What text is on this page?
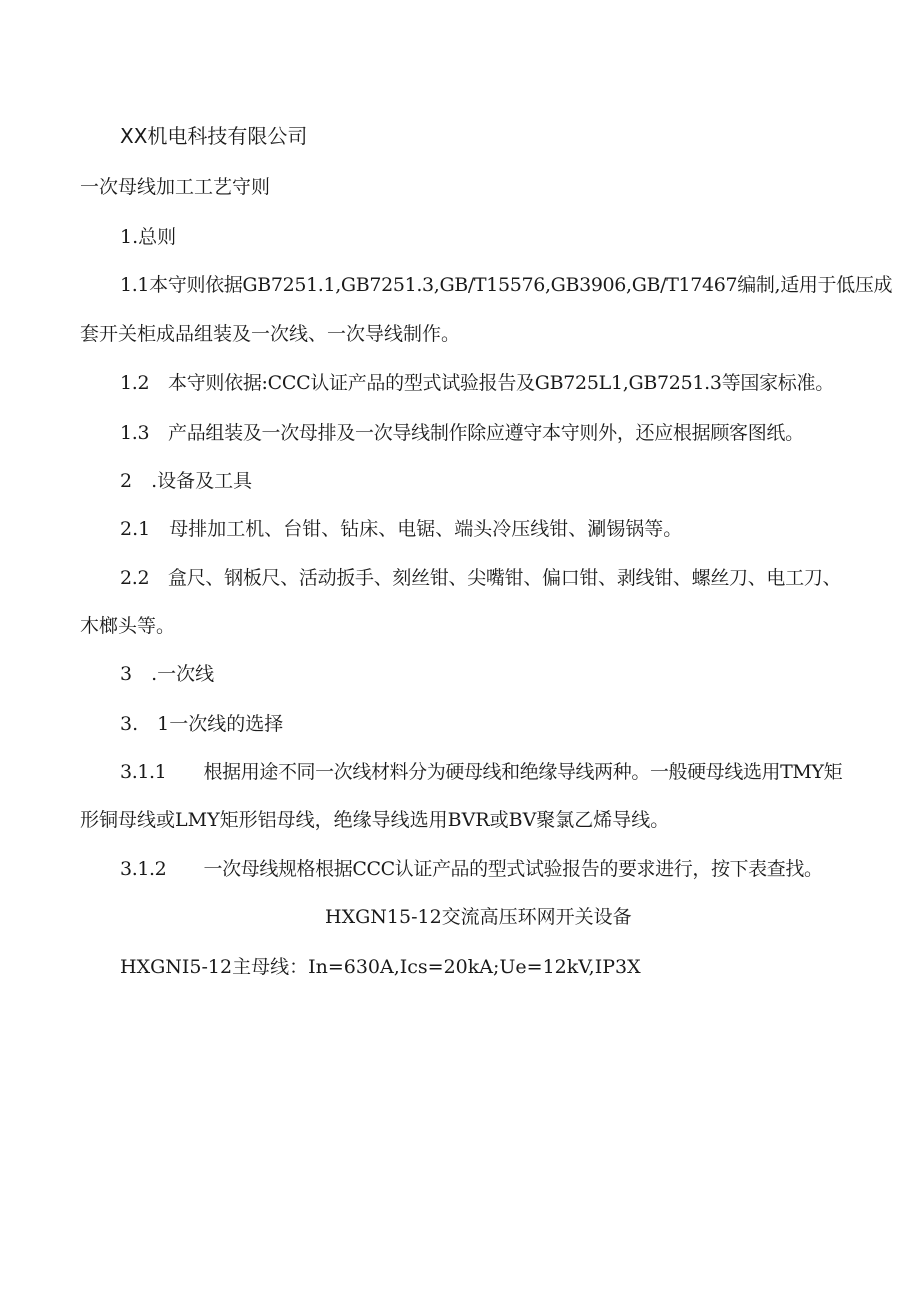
XX机电科技有限公司
一次母线加工工艺守则
1.总则
1.1本守则依据GB7251.1,GB7251.3,GB/T15576,GB3906,GB/T17467编制,适用于低压成
套开关柜成品组装及一次线、一次导线制作。
1.2　本守则依据:CCC认证产品的型式试验报告及GB725L1,GB7251.3等国家标准。
1.3　产品组装及一次母排及一次导线制作除应遵守本守则外，还应根据顾客图纸。
2　.设备及工具
2.1　母排加工机、台钳、钻床、电锯、端头冷压线钳、涮锡锅等。
2.2　盒尺、钢板尺、活动扳手、刻丝钳、尖嘴钳、偏口钳、剥线钳、螺丝刀、电工刀、
木榔头等。
3　.一次线
3.　1一次线的选择
3.1.1　　根据用途不同一次线材料分为硬母线和绝缘导线两种。一般硬母线选用TMY矩
形铜母线或LMY矩形铝母线，绝缘导线选用BVR或BV聚氯乙烯导线。
3.1.2　　一次母线规格根据CCC认证产品的型式试验报告的要求进行，按下表查找。
HXGN15-12交流高压环网开关设备
HXGNI5-12主母线：In=630A,Ics=20kA;Ue=12kV,IP3X
